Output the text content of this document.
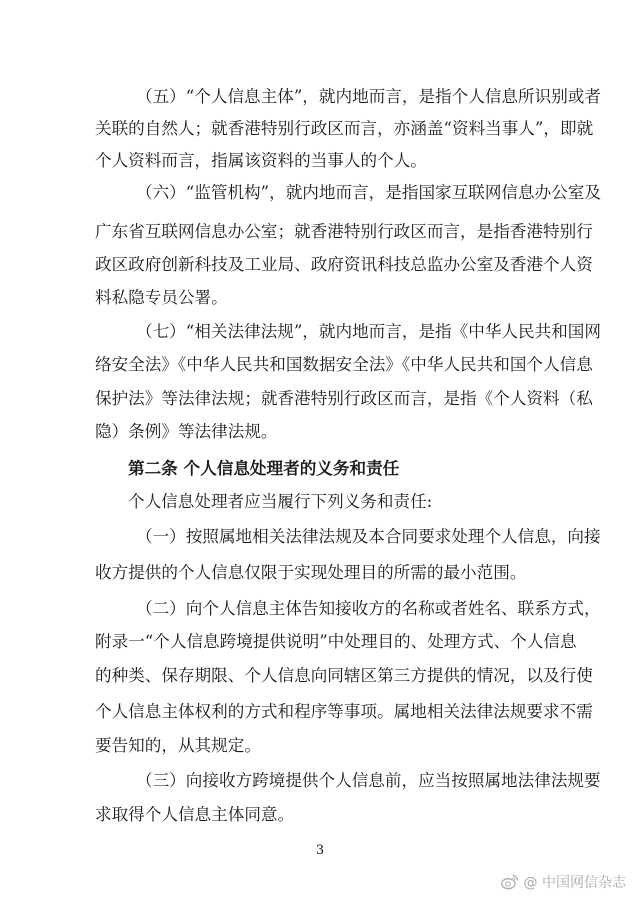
（五）“个人信息主体”，就内地而言，是指个人信息所识别或者

关联的自然人；就香港特别行政区而言，亦涵盖“资料当事人”，即就

个人资料而言，指属该资料的当事人的个人。

（六）“监管机构”，就内地而言，是指国家互联网信息办公室及

广东省互联网信息办公室；就香港特别行政区而言，是指香港特别行

政区政府创新科技及工业局、政府资讯科技总监办公室及香港个人资

料私隐专员公署。

（七）“相关法律法规”，就内地而言，是指《中华人民共和国网

络安全法》《中华人民共和国数据安全法》《中华人民共和国个人信息

保护法》等法律法规；就香港特别行政区而言，是指《个人资料（私

隐）条例》等法律法规。

第二条 个人信息处理者的义务和责任

个人信息处理者应当履行下列义务和责任:

（一）按照属地相关法律法规及本合同要求处理个人信息，向接

收方提供的个人信息仅限于实现处理目的所需的最小范围。

（二）向个人信息主体告知接收方的名称或者姓名、联系方式，

附录一“个人信息跨境提供说明”中处理目的、处理方式、个人信息

的种类、保存期限、个人信息向同辖区第三方提供的情况，以及行使

个人信息主体权利的方式和程序等事项。属地相关法律法规要求不需

要告知的，从其规定。

（三）向接收方跨境提供个人信息前，应当按照属地法律法规要

求取得个人信息主体同意。

3
@ 中国网信杂志
